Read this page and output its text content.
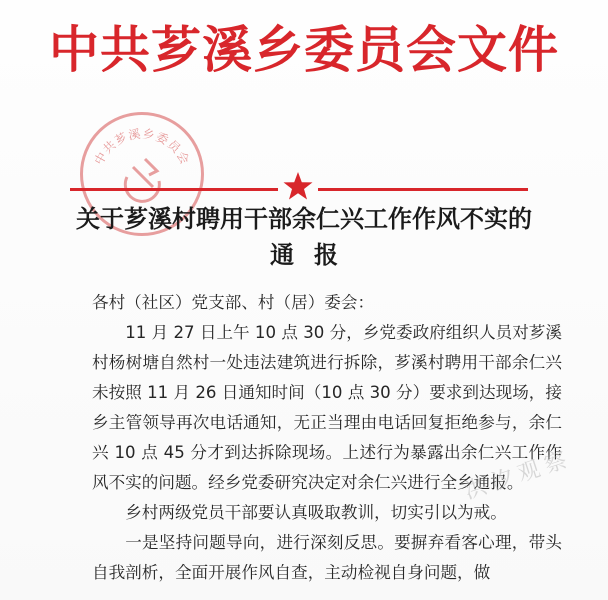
中共芗溪乡委员会文件
中共芗溪乡委员会
关于芗溪村聘用干部余仁兴工作作风不实的
通报

各村（社区）党支部、村（居）委会：

11 月 27 日上午 10 点 30 分，乡党委政府组织人员对芗溪村杨树塘自然村一处违法建筑进行拆除，芗溪村聘用干部余仁兴未按照 11 月 26 日通知时间（10 点 30 分）要求到达现场，接乡主管领导再次电话通知，无正当理由电话回复拒绝参与，余仁兴 10 点 45 分才到达拆除现场。上述行为暴露出余仁兴工作作风不实的问题。经乡党委研究决定对余仁兴进行全乡通报。

乡村两级党员干部要认真吸取教训，切实引以为戒。

一是坚持问题导向，进行深刻反思。要摒弃看客心理，带头自我剖析，全面开展作风自查，主动检视自身问题，做

洪汐观察
